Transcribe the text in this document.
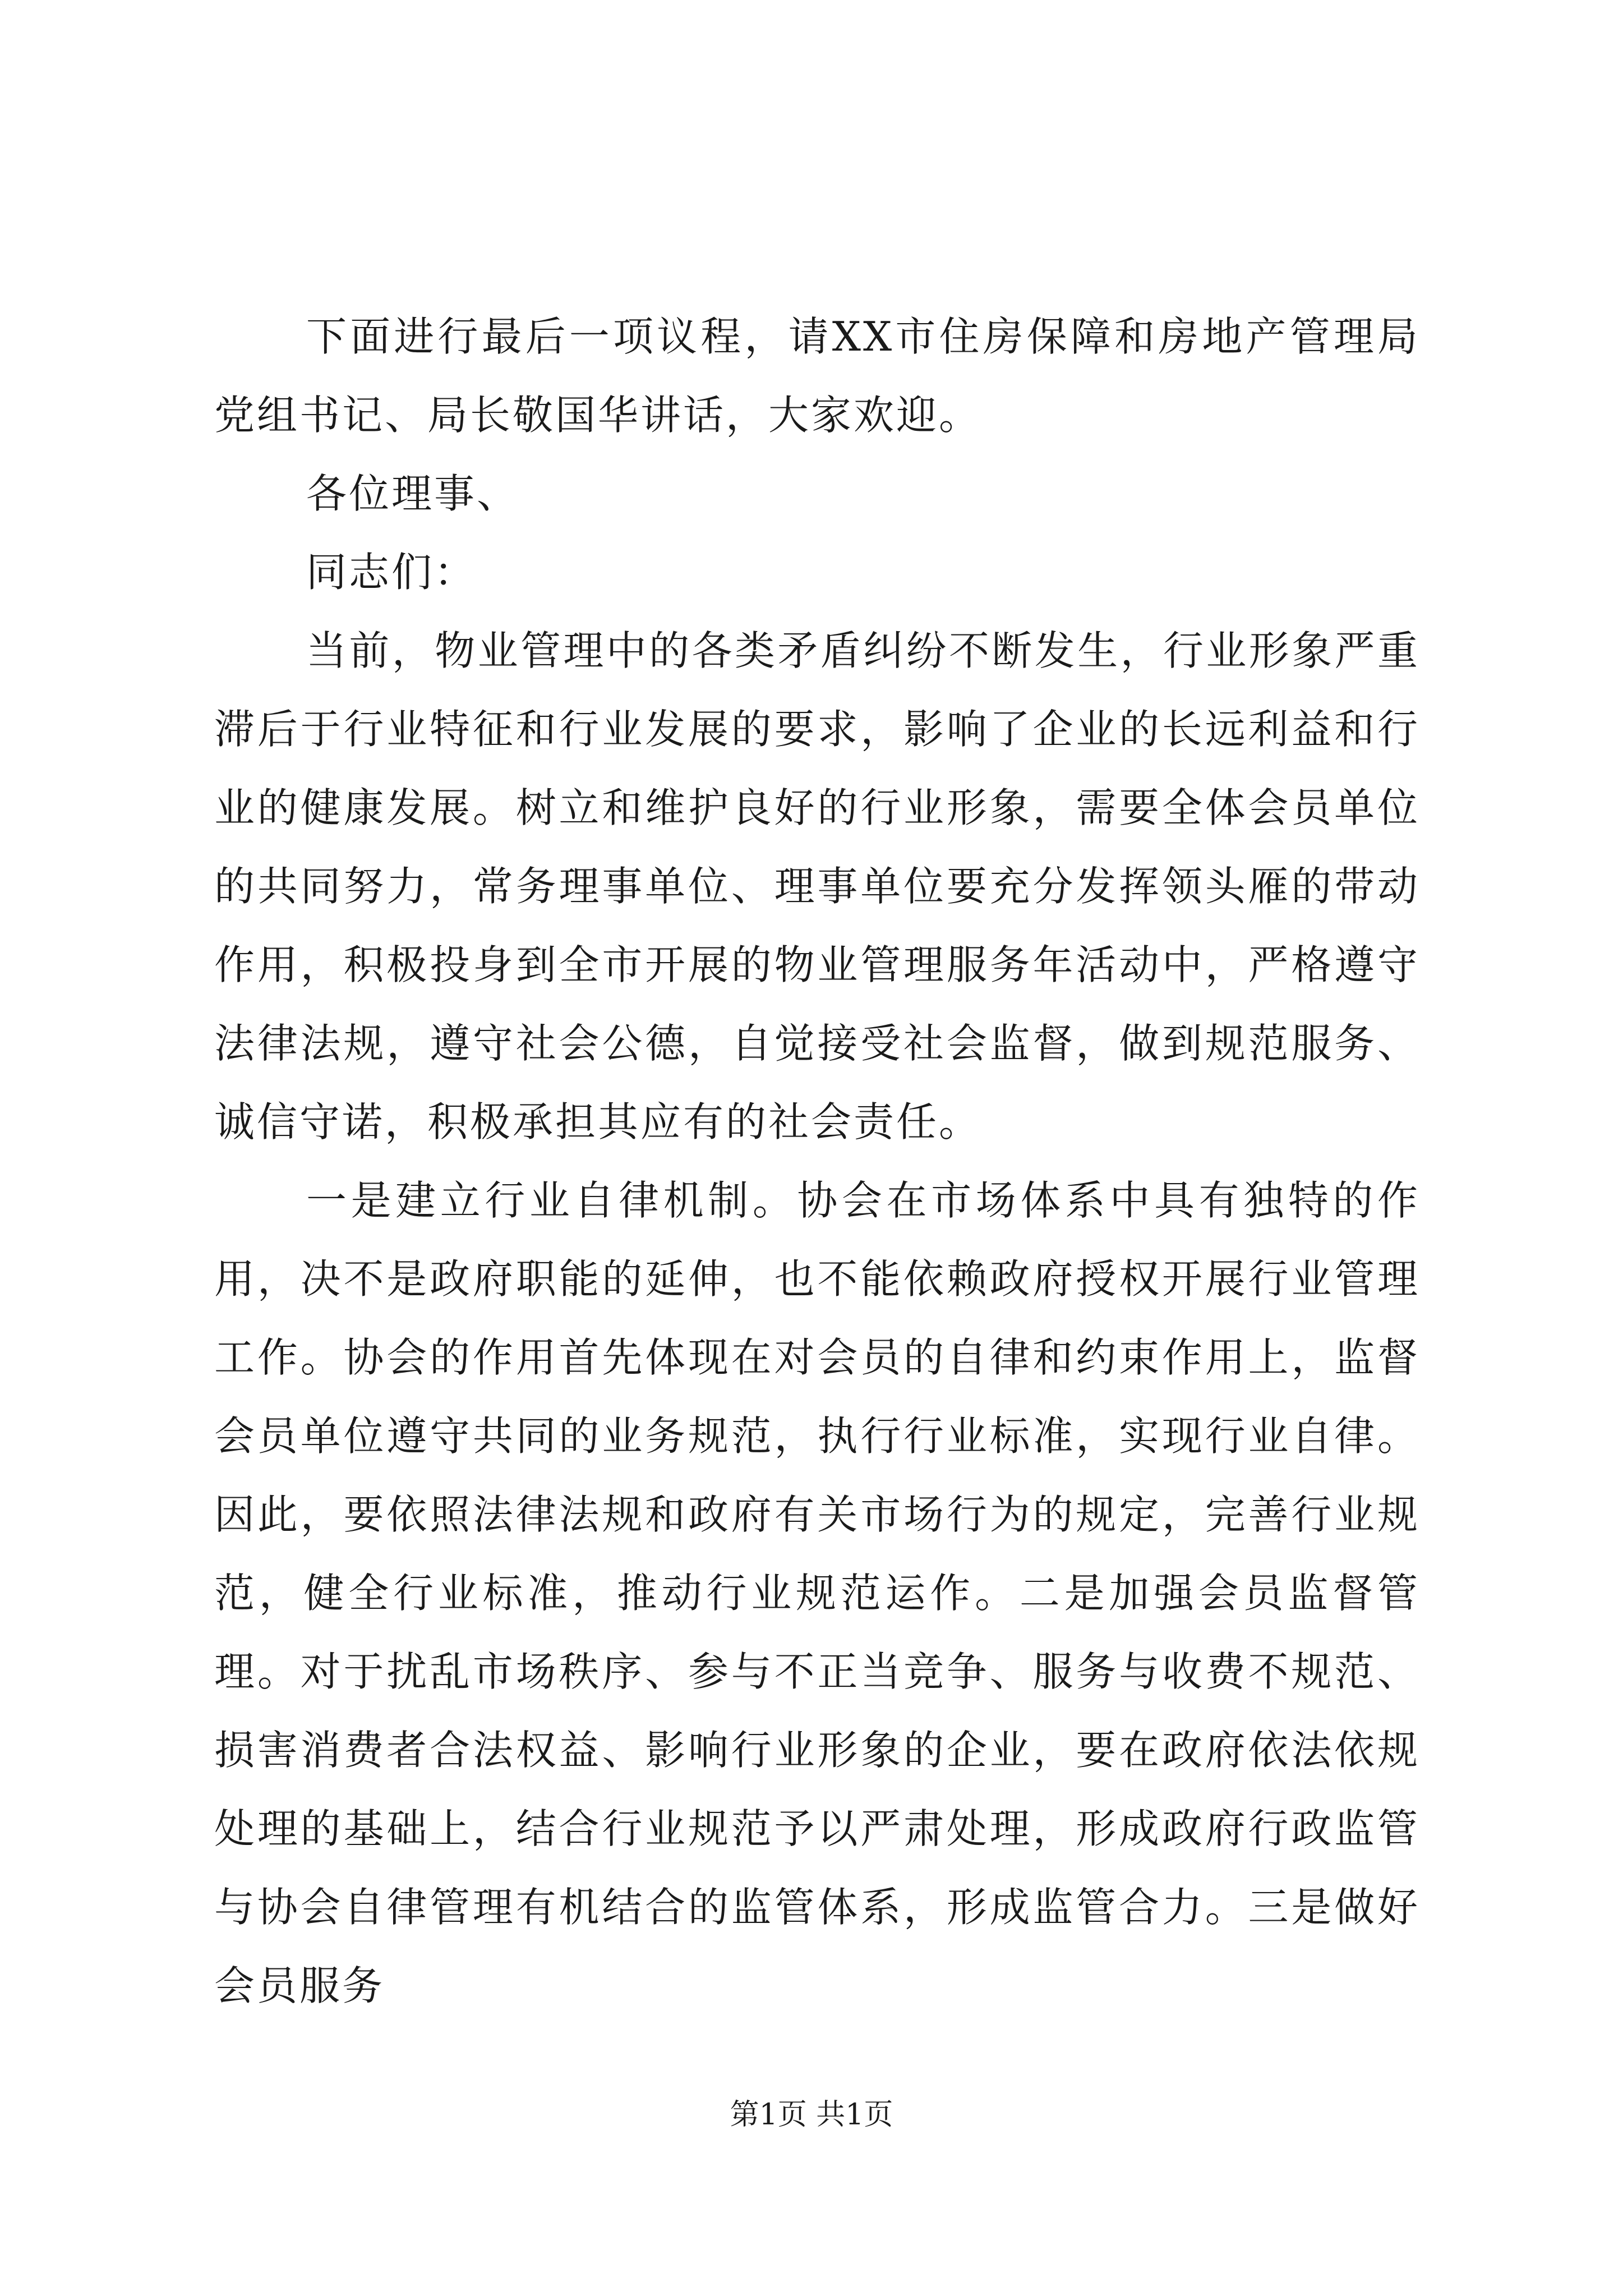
下面进行最后一项议程，请XX市住房保障和房地产管理局党组书记、局长敬国华讲话，大家欢迎。

各位理事、

同志们：

当前，物业管理中的各类矛盾纠纷不断发生，行业形象严重滞后于行业特征和行业发展的要求，影响了企业的长远利益和行业的健康发展。树立和维护良好的行业形象，需要全体会员单位的共同努力，常务理事单位、理事单位要充分发挥领头雁的带动作用，积极投身到全市开展的物业管理服务年活动中，严格遵守法律法规，遵守社会公德，自觉接受社会监督，做到规范服务、诚信守诺，积极承担其应有的社会责任。

一是建立行业自律机制。协会在市场体系中具有独特的作用，决不是政府职能的延伸，也不能依赖政府授权开展行业管理工作。协会的作用首先体现在对会员的自律和约束作用上，监督会员单位遵守共同的业务规范，执行行业标准，实现行业自律。因此，要依照法律法规和政府有关市场行为的规定，完善行业规范，健全行业标准，推动行业规范运作。二是加强会员监督管理。对于扰乱市场秩序、参与不正当竞争、服务与收费不规范、损害消费者合法权益、影响行业形象的企业，要在政府依法依规处理的基础上，结合行业规范予以严肃处理，形成政府行政监管与协会自律管理有机结合的监管体系，形成监管合力。三是做好会员服务

第1页 共1页
